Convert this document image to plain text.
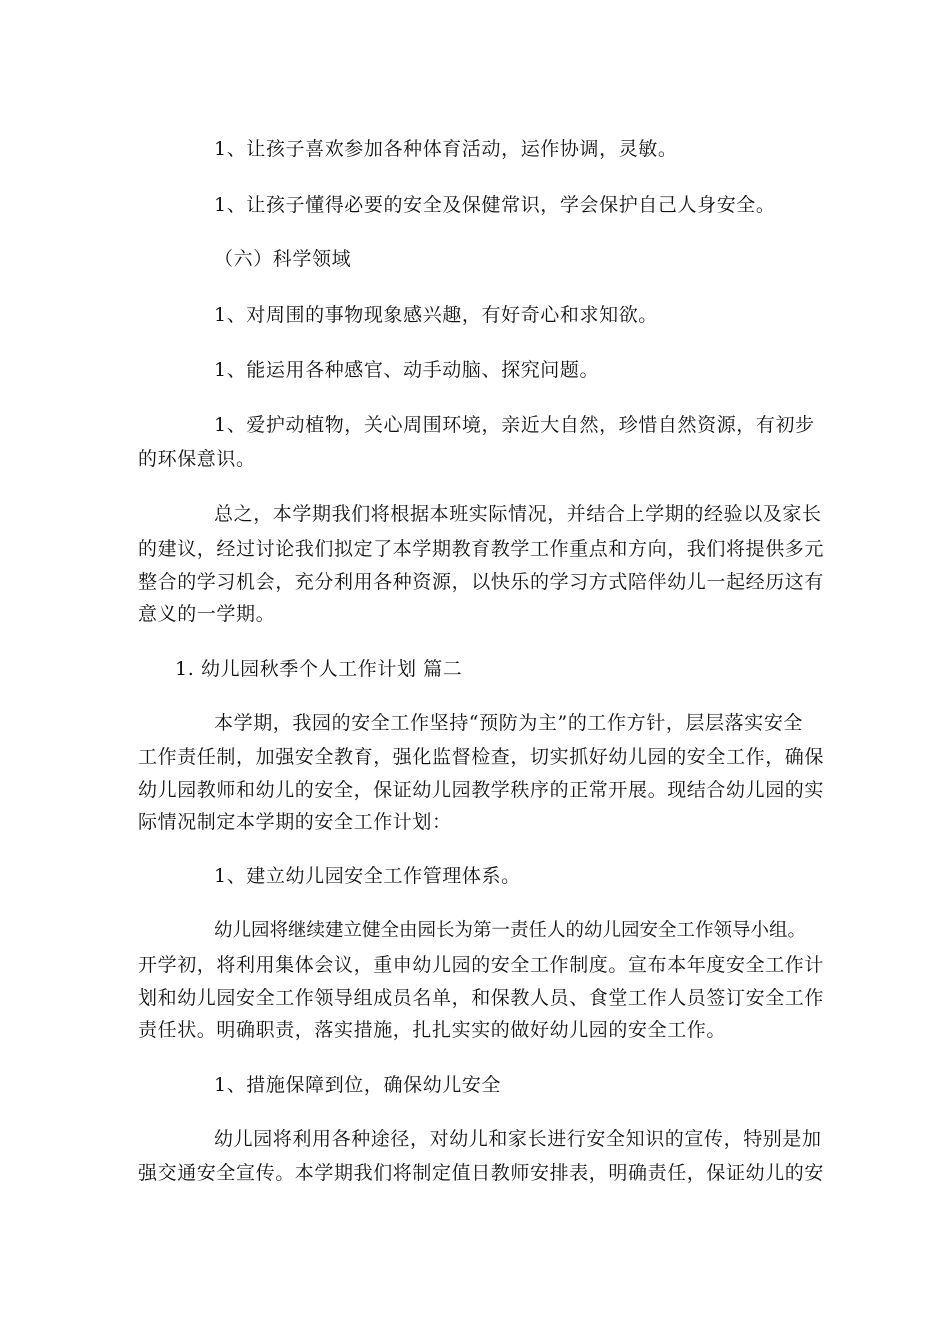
1、让孩子喜欢参加各种体育活动，运作协调，灵敏。
1、让孩子懂得必要的安全及保健常识，学会保护自己人身安全。
（六）科学领域
1、对周围的事物现象感兴趣，有好奇心和求知欲。
1、能运用各种感官、动手动脑、探究问题。
1、爱护动植物，关心周围环境，亲近大自然，珍惜自然资源，有初步
的环保意识。
总之，本学期我们将根据本班实际情况，并结合上学期的经验以及家长
的建议，经过讨论我们拟定了本学期教育教学工作重点和方向，我们将提供多元
整合的学习机会，充分利用各种资源，以快乐的学习方式陪伴幼儿一起经历这有
意义的一学期。
1. 幼儿园秋季个人工作计划 篇二
本学期，我园的安全工作坚持“预防为主”的工作方针，层层落实安全
工作责任制，加强安全教育，强化监督检查，切实抓好幼儿园的安全工作，确保
幼儿园教师和幼儿的安全，保证幼儿园教学秩序的正常开展。现结合幼儿园的实
际情况制定本学期的安全工作计划：
1、建立幼儿园安全工作管理体系。
幼儿园将继续建立健全由园长为第一责任人的幼儿园安全工作领导小组。
开学初，将利用集体会议，重申幼儿园的安全工作制度。宣布本年度安全工作计
划和幼儿园安全工作领导组成员名单，和保教人员、食堂工作人员签订安全工作
责任状。明确职责，落实措施，扎扎实实的做好幼儿园的安全工作。
1、措施保障到位，确保幼儿安全
幼儿园将利用各种途径，对幼儿和家长进行安全知识的宣传，特别是加
强交通安全宣传。本学期我们将制定值日教师安排表，明确责任，保证幼儿的安
